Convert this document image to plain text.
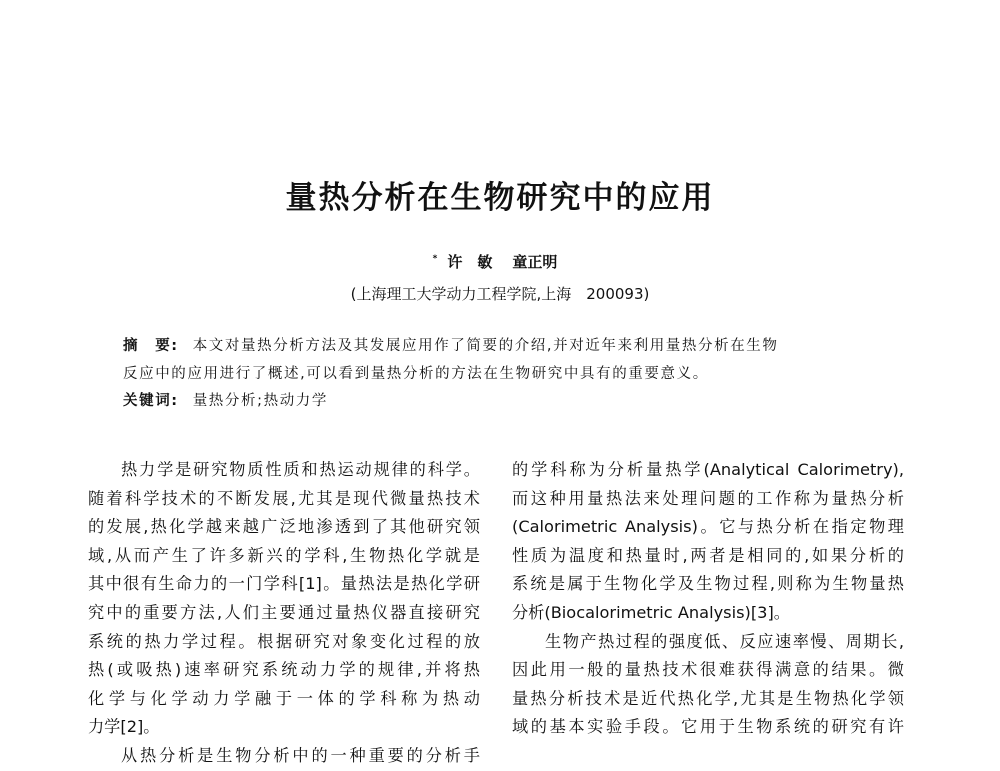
量热分析在生物研究中的应用
* 许　敏 童正明
(上海理工大学动力工程学院,上海　200093)
摘　要: 本文对量热分析方法及其发展应用作了简要的介绍,并对近年来利用量热分析在生物
反应中的应用进行了概述,可以看到量热分析的方法在生物研究中具有的重要意义。
关键词: 量热分析;热动力学
热力学是研究物质性质和热运动规律的科学。
随着科学技术的不断发展,尤其是现代微量热技术
的发展,热化学越来越广泛地渗透到了其他研究领
域,从而产生了许多新兴的学科,生物热化学就是
其中很有生命力的一门学科[1]。量热法是热化学研
究中的重要方法,人们主要通过量热仪器直接研究
系统的热力学过程。根据研究对象变化过程的放
热(或吸热)速率研究系统动力学的规律,并将热
化学与化学动力学融于一体的学科称为热动
力学[2]。
从热分析是生物分析中的一种重要的分析手
的学科称为分析量热学(Analytical Calorimetry),
而这种用量热法来处理问题的工作称为量热分析
(Calorimetric Analysis)。它与热分析在指定物理
性质为温度和热量时,两者是相同的,如果分析的
系统是属于生物化学及生物过程,则称为生物量热
分析(Biocalorimetric Analysis)[3]。
生物产热过程的强度低、反应速率慢、周期长,
因此用一般的量热技术很难获得满意的结果。微
量热分析技术是近代热化学,尤其是生物热化学领
域的基本实验手段。它用于生物系统的研究有许
